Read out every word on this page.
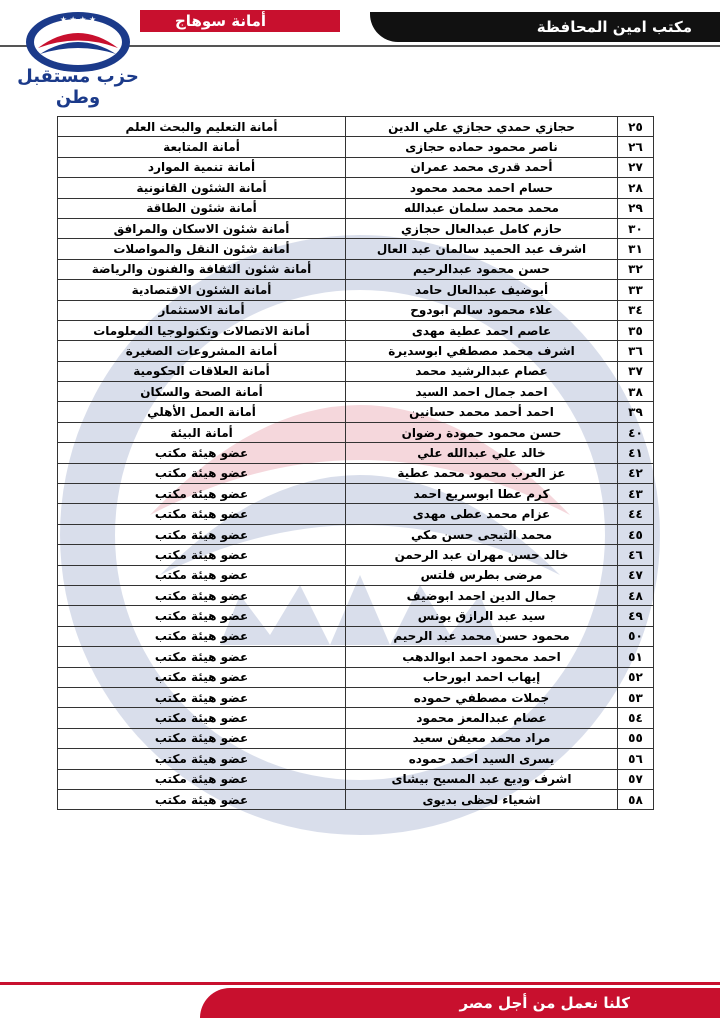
أمانة سوهاج	مكتب امين المحافظة
★ ★ ★ ★
حزب مستقبل وطن
٢٥	حجازي حمدي حجازي علي الدين	أمانة التعليم والبحث العلم
٢٦	ناصر محمود حماده حجازى	أمانة المتابعة
٢٧	أحمد قدرى محمد عمران	أمانة تنمية الموارد
٢٨	حسام احمد محمد محمود	أمانة الشئون القانونية
٢٩	محمد محمد سلمان عبدالله	أمانة شئون الطاقة
٣٠	حازم كامل عبدالعال حجازي	أمانة شئون الاسكان والمرافق
٣١	اشرف عبد الحميد سالمان عبد العال	أمانة شئون النقل والمواصلات
٣٢	حسن محمود عبدالرحيم	أمانة شئون الثقافة والفنون والرياضة
٣٣	أبوضيف عبدالعال حامد	أمانة الشئون الاقتصادية
٣٤	علاء محمود سالم ابودوح	أمانة الاستثمار
٣٥	عاصم احمد عطية مهدى	أمانة الاتصالات وتكنولوجيا المعلومات
٣٦	اشرف محمد مصطفي ابوسديرة	أمانة المشروعات الصغيرة
٣٧	عصام عبدالرشيد محمد	أمانة العلاقات الحكومية
٣٨	احمد جمال احمد السيد	أمانة الصحة والسكان
٣٩	احمد أحمد محمد حسانين	أمانة العمل الأهلي
٤٠	حسن محمود حمودة رضوان	أمانة البيئة
٤١	خالد علي عبدالله علي	عضو هيئة مكتب
٤٢	عز العرب محمود محمد عطية	عضو هيئة مكتب
٤٣	كرم عطا ابوسريع احمد	عضو هيئة مكتب
٤٤	عزام محمد عطى مهدى	عضو هيئة مكتب
٤٥	محمد التيجى حسن مكي	عضو هيئة مكتب
٤٦	خالد حسن مهران عبد الرحمن	عضو هيئة مكتب
٤٧	مرضى بطرس فلتس	عضو هيئة مكتب
٤٨	جمال الدين احمد ابوضيف	عضو هيئة مكتب
٤٩	سيد عبد الرازق يونس	عضو هيئة مكتب
٥٠	محمود حسن محمد عبد الرحيم	عضو هيئة مكتب
٥١	احمد محمود احمد ابوالدهب	عضو هيئة مكتب
٥٢	إيهاب احمد ابورحاب	عضو هيئة مكتب
٥٣	جملات مصطفي حموده	عضو هيئة مكتب
٥٤	عصام عبدالمعز محمود	عضو هيئة مكتب
٥٥	مراد محمد معيفن سعيد	عضو هيئة مكتب
٥٦	يسرى السيد احمد حموده	عضو هيئة مكتب
٥٧	اشرف وديع عبد المسيح بيشاى	عضو هيئة مكتب
٥٨	اشعياء لحظى بديوى	عضو هيئة مكتب
كلنا نعمل من أجل مصر
